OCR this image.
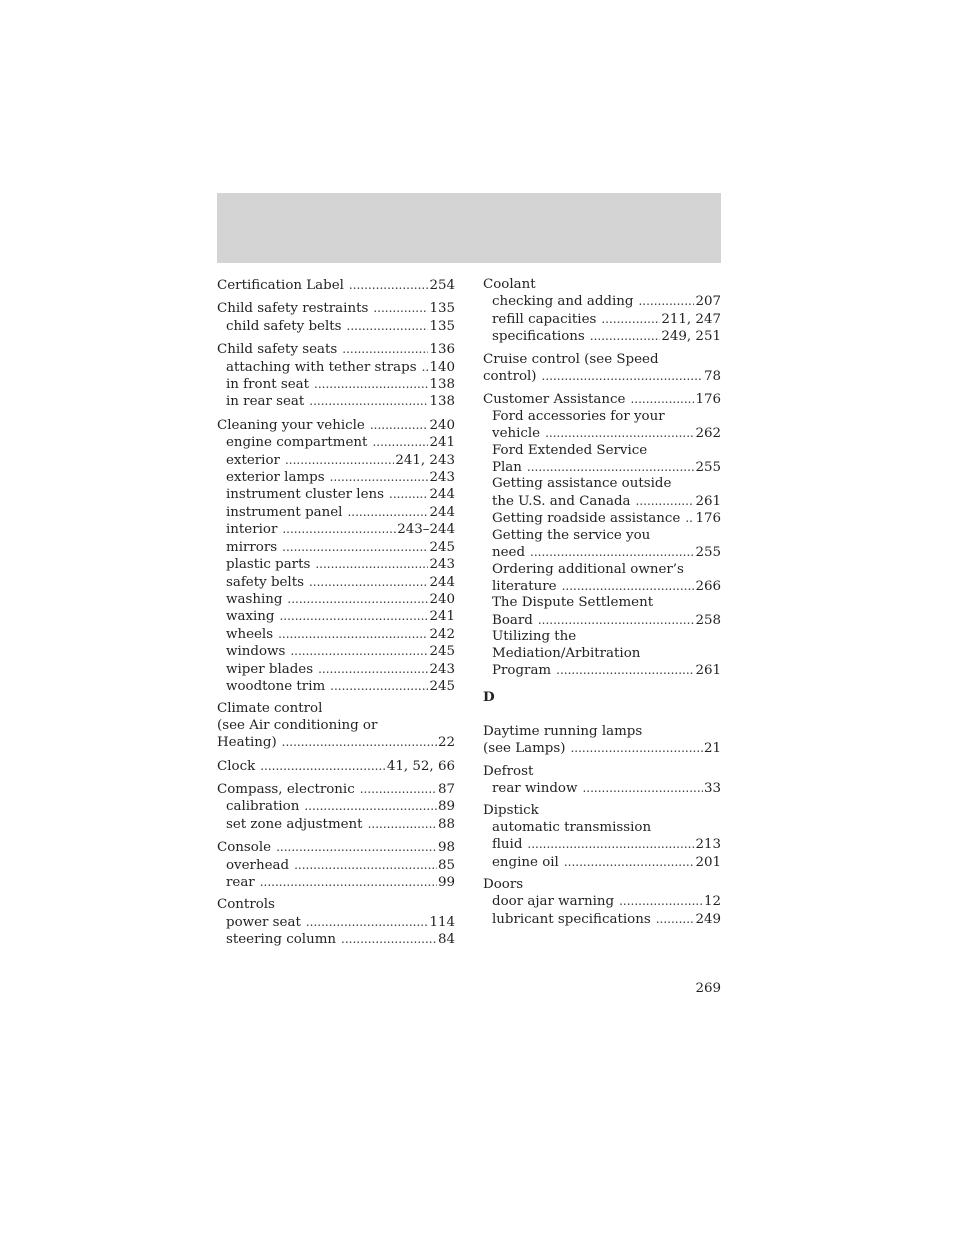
Certification Label .....	254
Child safety restraints .....	135
child safety belts .....	135
Child safety seats .....	136
attaching with tether straps ..... 140
in front seat .....	138
in rear seat .....	138
Cleaning your vehicle .....	240
engine compartment .....	241
exterior .....	241, 243
exterior lamps .....	243
instrument cluster lens .....	244
instrument panel .....	244
interior .....	243–244
mirrors .....	245
plastic parts .....	243
safety belts .....	244
washing .....	240
waxing .....	241
wheels .....	242
windows .....	245
wiper blades .....	243
woodtone trim .....	245
Climate control
(see Air conditioning or
Heating) .....	22
Clock .....	41, 52, 66
Compass, electronic .....	87
calibration .....	89
set zone adjustment .....	88
Console .....	98
overhead .....	85
rear .....	99
Controls
power seat .....	114
steering column .....	84
Coolant
checking and adding .....	207
refill capacities .....	211, 247
specifications .....	249, 251
Cruise control (see Speed
control) .....	78
Customer Assistance .....	176
Ford accessories for your
vehicle .....	262
Ford Extended Service
Plan .....	255
Getting assistance outside
the U.S. and Canada .....	261
Getting roadside assistance ..... 176
Getting the service you
need .....	255
Ordering additional owner’s
literature .....	266
The Dispute Settlement
Board .....	258
Utilizing the
Mediation/Arbitration
Program .....	261
D
Daytime running lamps
(see Lamps) .....	21
Defrost
rear window .....	33
Dipstick
automatic transmission
fluid .....	213
engine oil .....	201
Doors
door ajar warning .....	12
lubricant specifications .....	249
269
